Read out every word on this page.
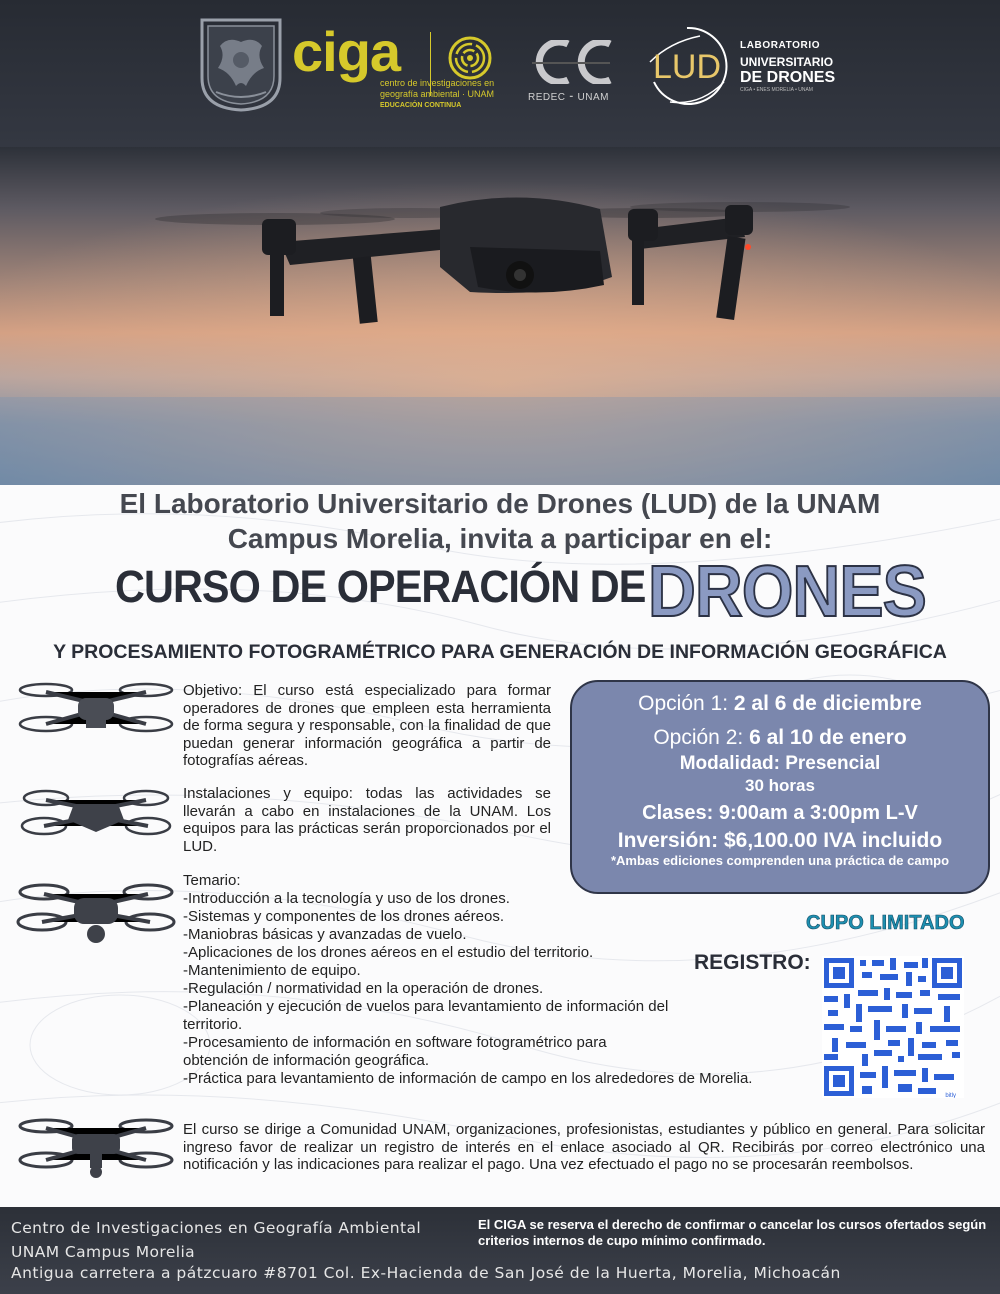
ciga
centro de investigaciones en
geografía ambiental · UNAM
EDUCACIÓN CONTINUA
REDEC ⁃ UNAM
LUD
LABORATORIO
UNIVERSITARIO
DE DRONES
CIGA • ENES MORELIA • UNAM
El Laboratorio Universitario de Drones (LUD) de la UNAM
Campus Morelia, invita a participar en el:
CURSO DE OPERACIÓN DE DRONES
Y PROCESAMIENTO FOTOGRAMÉTRICO PARA GENERACIÓN DE INFORMACIÓN GEOGRÁFICA
Objetivo: El curso está especializado para formar operadores de drones que empleen esta herramienta de forma segura y responsable, con la finalidad de que puedan generar información geográfica a partir de fotografías aéreas.
Instalaciones y equipo: todas las actividades se llevarán a cabo en instalaciones de la UNAM. Los equipos para las prácticas serán proporcionados por el LUD.
Temario:
-Introducción a la tecnología y uso de los drones.
-Sistemas y componentes de los drones aéreos.
-Maniobras básicas y avanzadas de vuelo.
-Aplicaciones de los drones aéreos en el estudio del territorio.
-Mantenimiento de equipo.
-Regulación / normatividad en la operación de drones.
-Planeación y ejecución de vuelos para levantamiento de información del territorio.
-Procesamiento de información en software fotogramétrico para obtención de información geográfica.
-Práctica para levantamiento de información de campo en los alrededores de Morelia.
El curso se dirige a Comunidad UNAM, organizaciones, profesionistas, estudiantes y público en general. Para solicitar ingreso favor de realizar un registro de interés en el enlace asociado al QR. Recibirás por correo electrónico una notificación y las indicaciones para realizar el pago. Una vez efectuado el pago no se procesarán reembolsos.
Opción 1: 2 al 6 de diciembre
Opción 2: 6 al 10 de enero
Modalidad: Presencial
30 horas
Clases: 9:00am a 3:00pm L-V
Inversión: $6,100.00 IVA incluido
*Ambas ediciones comprenden una práctica de campo
CUPO LIMITADO
REGISTRO:
bitly
Centro de Investigaciones en Geografía Ambiental
UNAM Campus Morelia
Antigua carretera a pátzcuaro #8701 Col. Ex-Hacienda de San José de la Huerta, Morelia, Michoacán
El CIGA se reserva el derecho de confirmar o cancelar los cursos ofertados según criterios internos de cupo mínimo confirmado.
